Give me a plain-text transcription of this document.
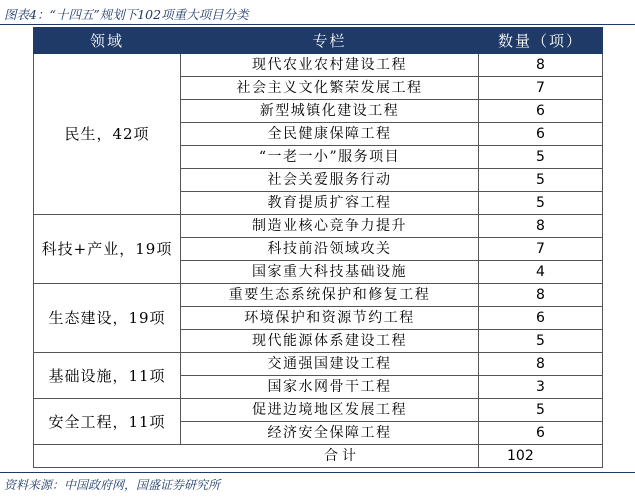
图表4：“十四五”规划下102项重大项目分类
领域	专栏	数量（项）
民生，42项	现代农业农村建设工程	8
	社会主义文化繁荣发展工程	7
	新型城镇化建设工程	6
	全民健康保障工程	6
	“一老一小”服务项目	5
	社会关爱服务行动	5
	教育提质扩容工程	5
科技+产业，19项	制造业核心竞争力提升	8
	科技前沿领域攻关	7
	国家重大科技基础设施	4
生态建设，19项	重要生态系统保护和修复工程	8
	环境保护和资源节约工程	6
	现代能源体系建设工程	5
基础设施，11项	交通强国建设工程	8
	国家水网骨干工程	3
安全工程，11项	促进边境地区发展工程	5
	经济安全保障工程	6
合计		102
资料来源：中国政府网，国盛证券研究所
